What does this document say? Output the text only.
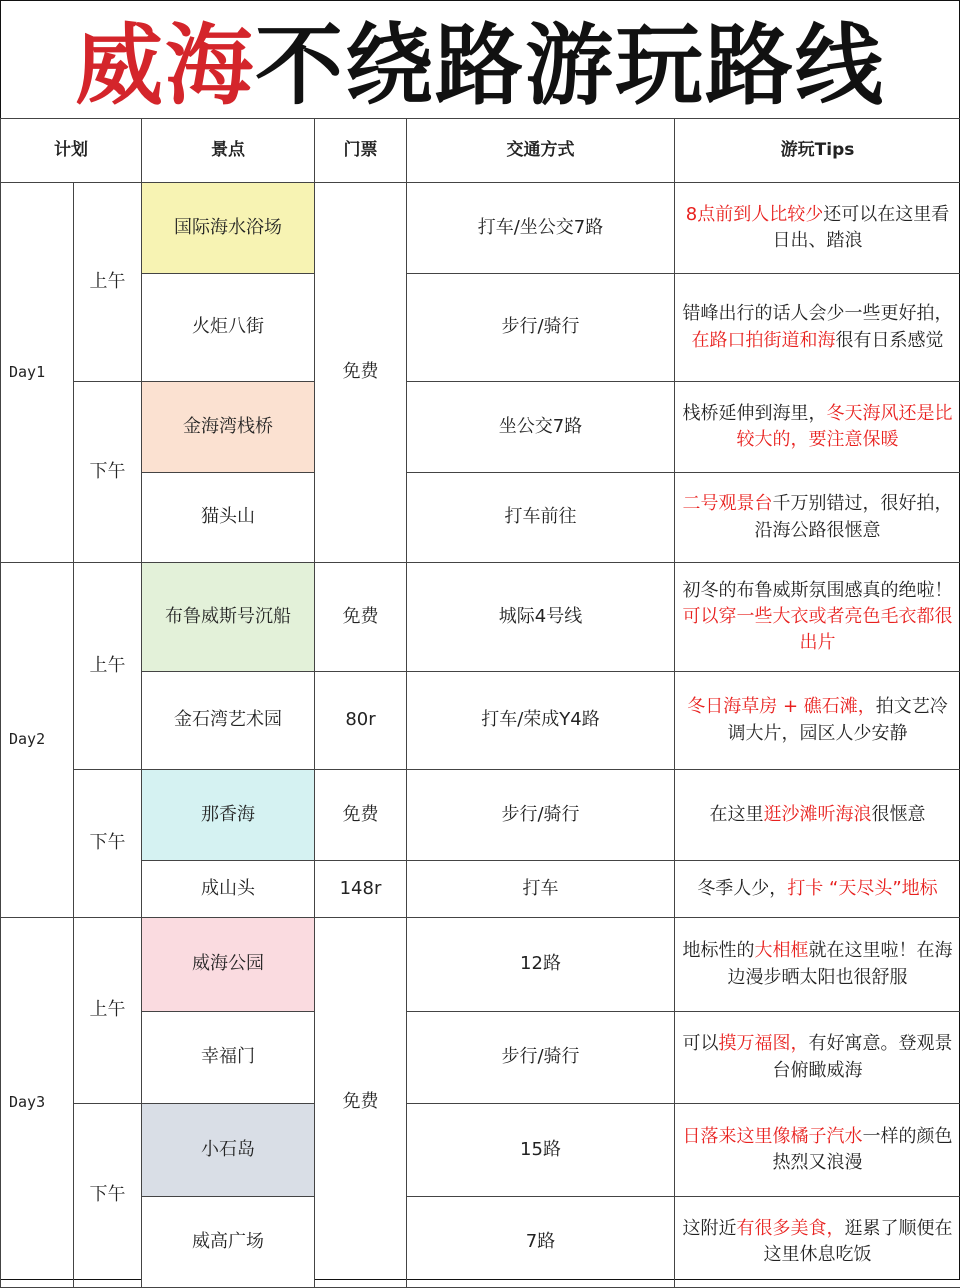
威海 不绕路游玩路线
计划		景点	门票	交通方式	游玩Tips
Day1	上午	国际海水浴场	免费	打车/坐公交7路	8点前到人比较少还可以在这里看日出、踏浪
		火炬八街		步行/骑行	错峰出行的话人会少一些更好拍，在路口拍街道和海很有日系感觉
	下午	金海湾栈桥		坐公交7路	栈桥延伸到海里，冬天海风还是比较大的，要注意保暖
		猫头山		打车前往	二号观景台千万别错过，很好拍，沿海公路很惬意
Day2	上午	布鲁威斯号沉船	免费	城际4号线	初冬的布鲁威斯氛围感真的绝啦！可以穿一些大衣或者亮色毛衣都很出片
		金石湾艺术园	80r	打车/荣成Y4路	冬日海草房 + 礁石滩，拍文艺冷调大片，园区人少安静
	下午	那香海	免费	步行/骑行	在这里逛沙滩听海浪很惬意
		成山头	148r	打车	冬季人少，打卡 “天尽头”地标
Day3	上午	威海公园	免费	12路	地标性的大相框就在这里啦！在海边漫步晒太阳也很舒服
		幸福门		步行/骑行	可以摸万福图，有好寓意。登观景台俯瞰威海
	下午	小石岛		15路	日落来这里像橘子汽水一样的颜色热烈又浪漫
		威高广场		7路	这附近有很多美食，逛累了顺便在这里休息吃饭
